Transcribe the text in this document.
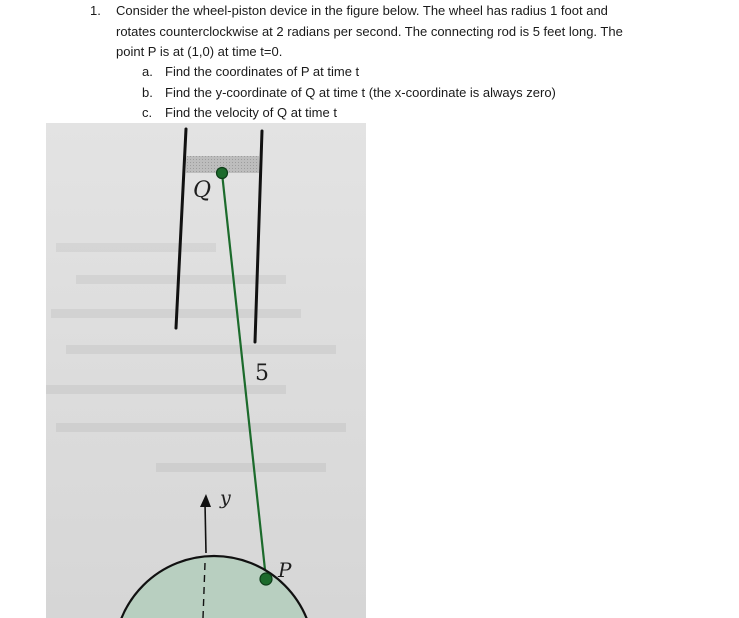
1. Consider the wheel-piston device in the figure below. The wheel has radius 1 foot and
rotates counterclockwise at 2 radians per second. The connecting rod is 5 feet long. The
point P is at (1,0) at time t=0.
a. Find the coordinates of P at time t
b. Find the y-coordinate of Q at time t (the x-coordinate is always zero)
c. Find the velocity of Q at time t
Q
5
y
P
